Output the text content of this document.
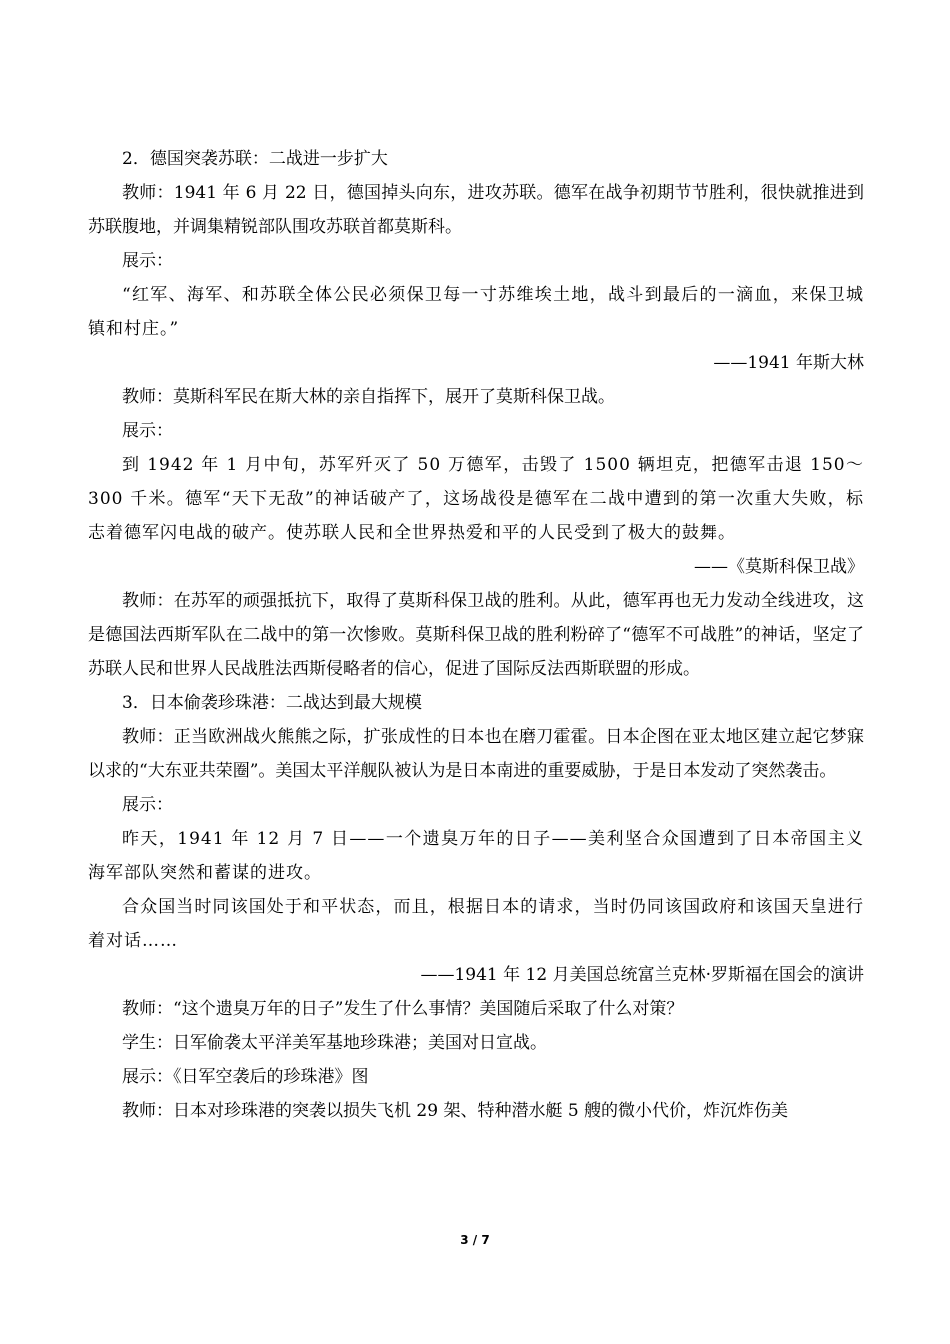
2．德国突袭苏联：二战进一步扩大

教师：1941 年 6 月 22 日，德国掉头向东，进攻苏联。德军在战争初期节节胜利，很快就推进到苏联腹地，并调集精锐部队围攻苏联首都莫斯科。

展示：

“红军、海军、和苏联全体公民必须保卫每一寸苏维埃土地，战斗到最后的一滴血，来保卫城镇和村庄。”

——1941 年斯大林

教师：莫斯科军民在斯大林的亲自指挥下，展开了莫斯科保卫战。

展示：

到 1942 年 1 月中旬，苏军歼灭了 50 万德军，击毁了 1500 辆坦克，把德军击退 150～300 千米。德军“天下无敌”的神话破产了，这场战役是德军在二战中遭到的第一次重大失败，标志着德军闪电战的破产。使苏联人民和全世界热爱和平的人民受到了极大的鼓舞。

——《莫斯科保卫战》

教师：在苏军的顽强抵抗下，取得了莫斯科保卫战的胜利。从此，德军再也无力发动全线进攻，这是德国法西斯军队在二战中的第一次惨败。莫斯科保卫战的胜利粉碎了“德军不可战胜”的神话，坚定了苏联人民和世界人民战胜法西斯侵略者的信心，促进了国际反法西斯联盟的形成。

3．日本偷袭珍珠港：二战达到最大规模

教师：正当欧洲战火熊熊之际，扩张成性的日本也在磨刀霍霍。日本企图在亚太地区建立起它梦寐以求的“大东亚共荣圈”。美国太平洋舰队被认为是日本南进的重要威胁，于是日本发动了突然袭击。

展示：

昨天，1941 年 12 月 7 日——一个遗臭万年的日子——美利坚合众国遭到了日本帝国主义海军部队突然和蓄谋的进攻。

合众国当时同该国处于和平状态，而且，根据日本的请求，当时仍同该国政府和该国天皇进行着对话……

——1941 年 12 月美国总统富兰克林·罗斯福在国会的演讲

教师：“这个遗臭万年的日子”发生了什么事情？美国随后采取了什么对策？

学生：日军偷袭太平洋美军基地珍珠港；美国对日宣战。

展示：《日军空袭后的珍珠港》图

教师：日本对珍珠港的突袭以损失飞机 29 架、特种潜水艇 5 艘的微小代价，炸沉炸伤美

3 / 7
